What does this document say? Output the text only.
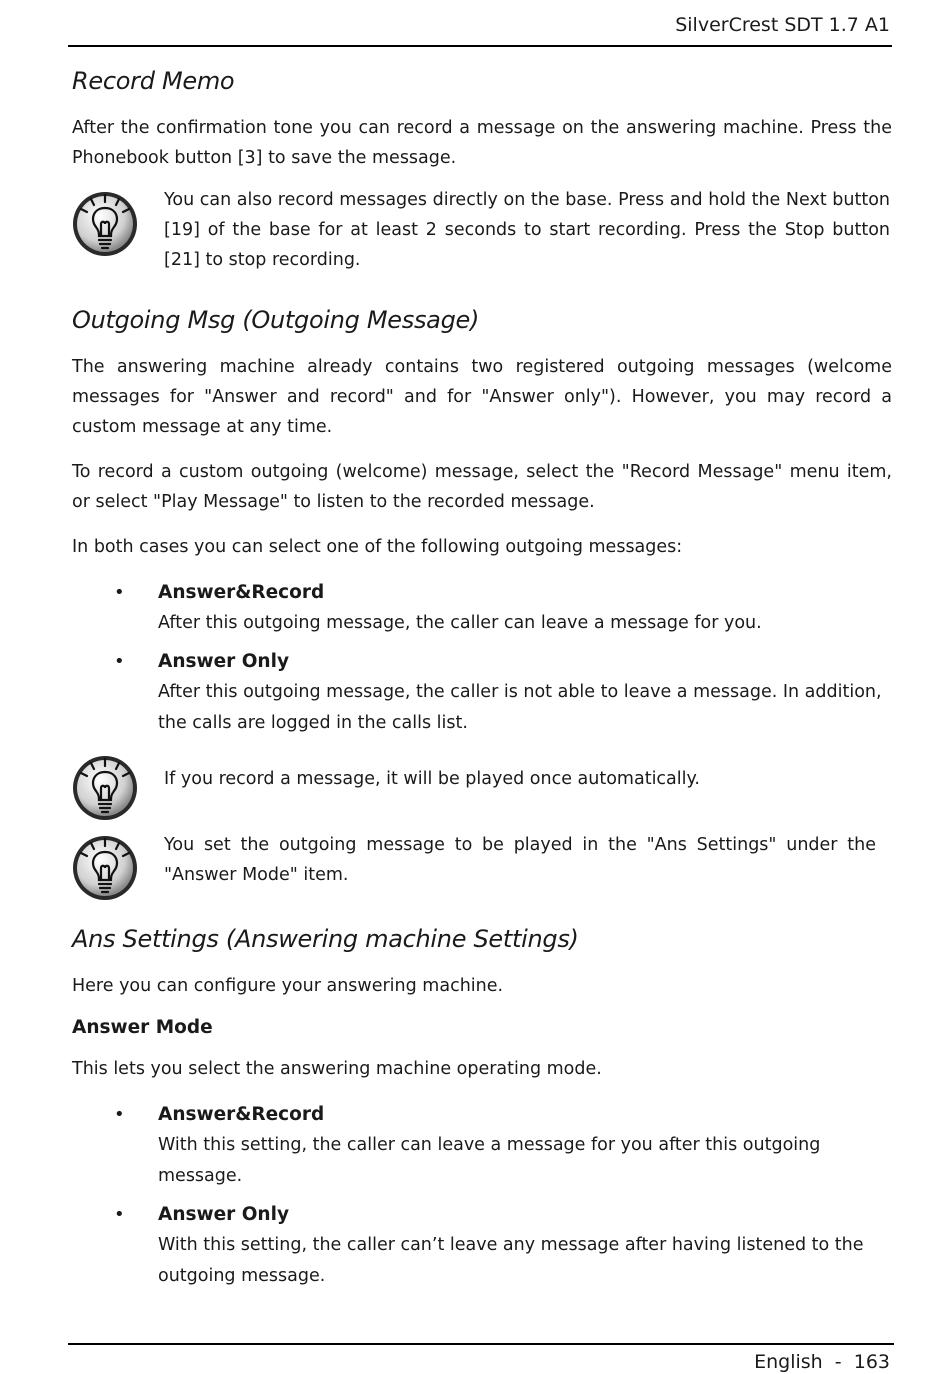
SilverCrest SDT 1.7 A1
Record Memo

After the confirmation tone you can record a message on the answering machine. Press the Phonebook button [3] to save the message.

You can also record messages directly on the base. Press and hold the Next button [19] of the base for at least 2 seconds to start recording. Press the Stop button [21] to stop recording.

Outgoing Msg (Outgoing Message)

The answering machine already contains two registered outgoing messages (welcome messages for "Answer and record" and for "Answer only"). However, you may record a custom message at any time.

To record a custom outgoing (welcome) message, select the "Record Message" menu item, or select "Play Message" to listen to the recorded message.

In both cases you can select one of the following outgoing messages:

• Answer&Record
After this outgoing message, the caller can leave a message for you.
• Answer Only
After this outgoing message, the caller is not able to leave a message. In addition, the calls are logged in the calls list.

If you record a message, it will be played once automatically.

You set the outgoing message to be played in the "Ans Settings" under the "Answer Mode" item.

Ans Settings (Answering machine Settings)

Here you can configure your answering machine.

Answer Mode

This lets you select the answering machine operating mode.

• Answer&Record
With this setting, the caller can leave a message for you after this outgoing message.
• Answer Only
With this setting, the caller can’t leave any message after having listened to the outgoing message.
English  -  163
